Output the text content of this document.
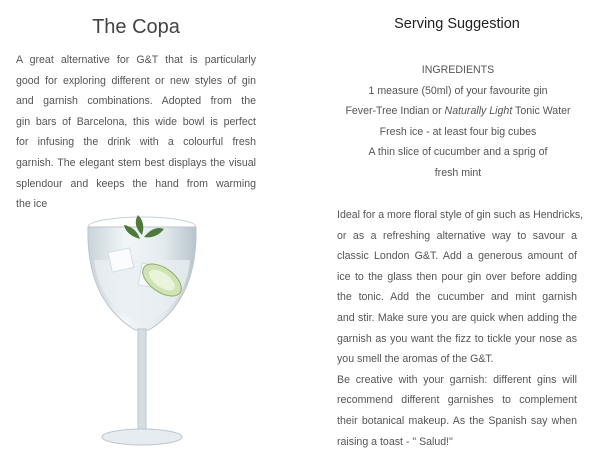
The Copa
A great alternative for G&T that is particularly
good for exploring different or new styles of gin
and garnish combinations. Adopted from the
gin bars of Barcelona, this wide bowl is perfect
for infusing the drink with a colourful fresh
garnish. The elegant stem best displays the visual
splendour and keeps the hand from warming
the ice
Serving Suggestion
INGREDIENTS
1 measure (50ml) of your favourite gin
Fever-Tree Indian or Naturally Light Tonic Water
Fresh ice - at least four big cubes
A thin slice of cucumber and a sprig of
fresh mint
Ideal for a more floral style of gin such as Hendricks,
or as a refreshing alternative way to savour a
classic London G&T. Add a generous amount of
ice to the glass then pour gin over before adding
the tonic. Add the cucumber and mint garnish
and stir. Make sure you are quick when adding the
garnish as you want the fizz to tickle your nose as
you smell the aromas of the G&T.
Be creative with your garnish: different gins will
recommend different garnishes to complement
their botanical makeup. As the Spanish say when
raising a toast - " Salud!"
